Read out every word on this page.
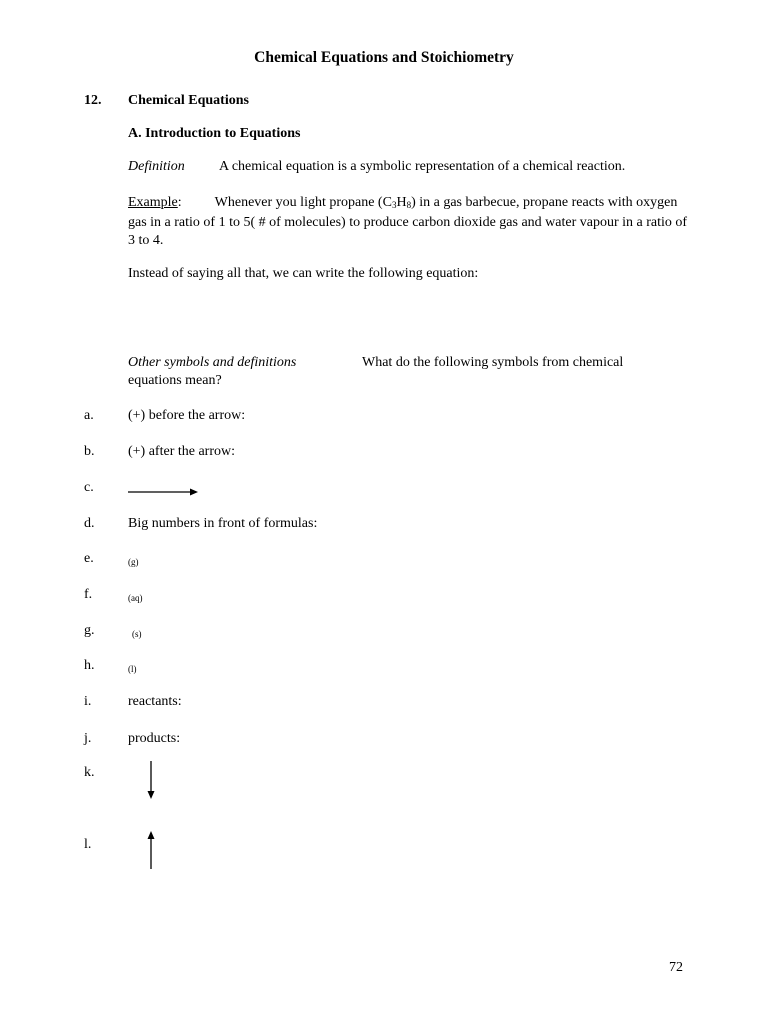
Chemical Equations and Stoichiometry
12. Chemical Equations
A. Introduction to Equations
Definition A chemical equation is a symbolic representation of a chemical reaction.
Example: Whenever you light propane $(C_3H_8)$ in a gas barbecue, propane reacts with oxygen gas in a ratio of 1 to 5( # of molecules) to produce carbon dioxide gas and water vapour in a ratio of 3 to 4.
Instead of saying all that, we can write the following equation:
Other symbols and definitions	What do the following symbols from chemical
equations mean?
a. (+) before the arrow:
b. (+) after the arrow:
c.
d. Big numbers in front of formulas:
e.	(g)
f.	(aq)
g.	(s)
h.	(l)
i.	reactants:
j.	products:
k.
l.
72
